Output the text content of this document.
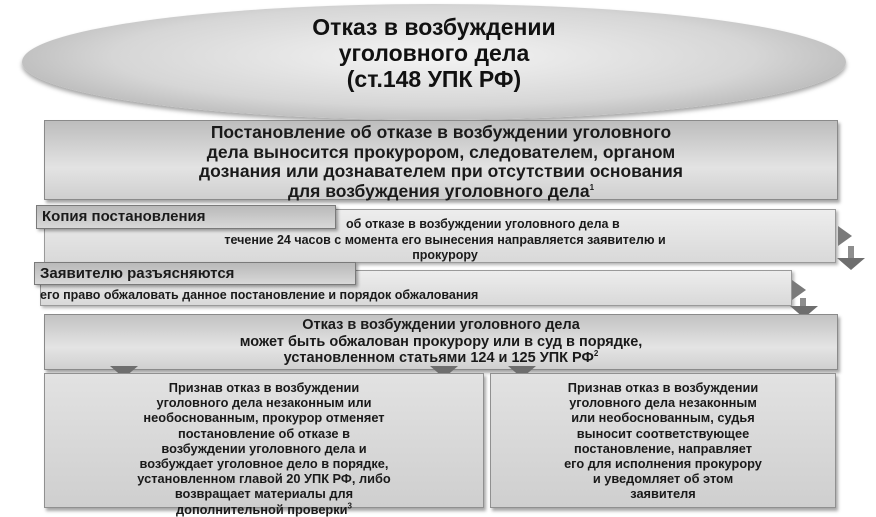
Отказ в возбуждении
уголовного дела
(ст.148 УПК РФ)
Постановление об отказе в возбуждении уголовного
дела выносится прокурором, следователем, органом
дознания или дознавателем при отсутствии основания
для возбуждения уголовного дела$^1$
Копия постановления	об отказе в возбуждении уголовного дела в
течение 24 часов с момента его вынесения направляется заявителю и
прокурору
Заявителю разъясняются
его право обжаловать данное постановление и порядок обжалования
Отказ в возбуждении уголовного дела
может быть обжалован прокурору или в суд в порядке,
установленном статьями 124 и 125 УПК $РФ^2$
Признав отказ в возбуждении
уголовного дела незаконным или
необоснованным, прокурор отменяет
постановление об отказе в
возбуждении уголовного дела и
возбуждает уголовное дело в порядке,
установленном главой 20 УПК РФ, либо
возвращает материалы для
дополнительной проверки$^3$
Признав отказ в возбуждении
уголовного дела незаконным
или необоснованным, судья
выносит соответствующее
постановление, направляет
его для исполнения прокурору
и уведомляет об этом
заявителя
